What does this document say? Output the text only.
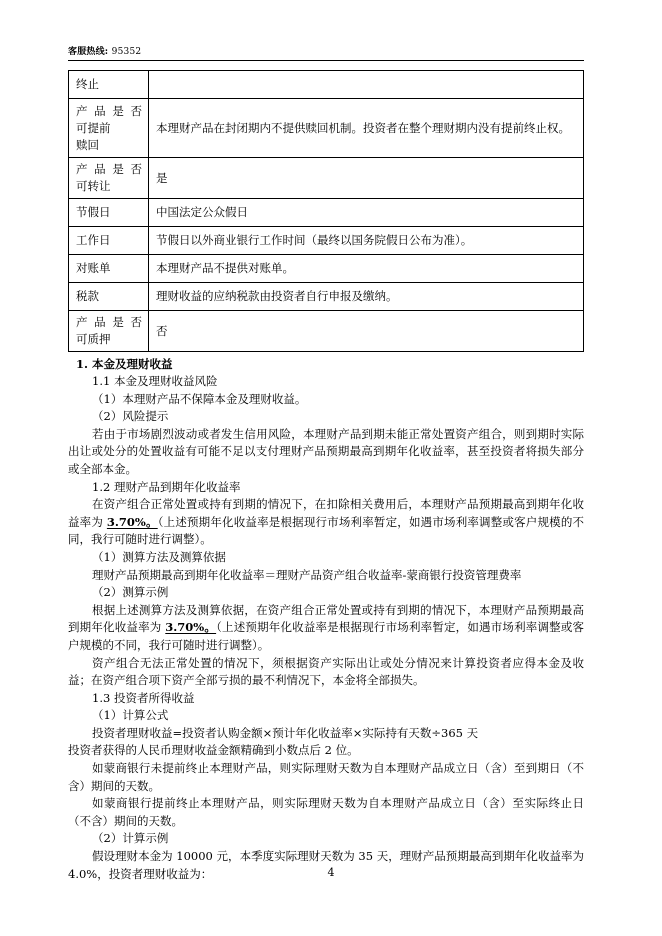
客服热线: 95352
终止	

产 品 是 否
可提前
赎回
	本理财产品在封闭期内不提供赎回机制。投资者在整个理财期内没有提前终止权。

产 品 是 否
可转让	是

节假日	中国法定公众假日

工作日	节假日以外商业银行工作时间（最终以国务院假日公布为准）。

对账单	本理财产品不提供对账单。

税款	理财收益的应纳税款由投资者自行申报及缴纳。

产 品 是 否
可质押	否
1. 本金及理财收益

1.1 本金及理财收益风险

（1）本理财产品不保障本金及理财收益。

（2）风险提示

若由于市场剧烈波动或者发生信用风险，本理财产品到期未能正常处置资产组合，则到期时实际出让或处分的处置收益有可能不足以支付理财产品预期最高到期年化收益率，甚至投资者将损失部分或全部本金。

1.2 理财产品到期年化收益率

在资产组合正常处置或持有到期的情况下，在扣除相关费用后，本理财产品预期最高到期年化收益率为 3.70%。（上述预期年化收益率是根据现行市场利率暂定，如遇市场利率调整或客户规模的不同，我行可随时进行调整）。

（1）测算方法及测算依据

理财产品预期最高到期年化收益率＝理财产品资产组合收益率-蒙商银行投资管理费率

（2）测算示例

根据上述测算方法及测算依据，在资产组合正常处置或持有到期的情况下，本理财产品预期最高到期年化收益率为 3.70%。（上述预期年化收益率是根据现行市场利率暂定，如遇市场利率调整或客户规模的不同，我行可随时进行调整）。

资产组合无法正常处置的情况下，须根据资产实际出让或处分情况来计算投资者应得本金及收益；在资产组合项下资产全部亏损的最不利情况下，本金将全部损失。

1.3 投资者所得收益

（1）计算公式

投资者理财收益=投资者认购金额×预计年化收益率×实际持有天数÷365 天

投资者获得的人民币理财收益金额精确到小数点后 2 位。

如蒙商银行未提前终止本理财产品，则实际理财天数为自本理财产品成立日（含）至到期日（不含）期间的天数。

如蒙商银行提前终止本理财产品，则实际理财天数为自本理财产品成立日（含）至实际终止日（不含）期间的天数。

（2）计算示例

假设理财本金为 10000 元，本季度实际理财天数为 35 天，理财产品预期最高到期年化收益率为 4.0%，投资者理财收益为：	4
